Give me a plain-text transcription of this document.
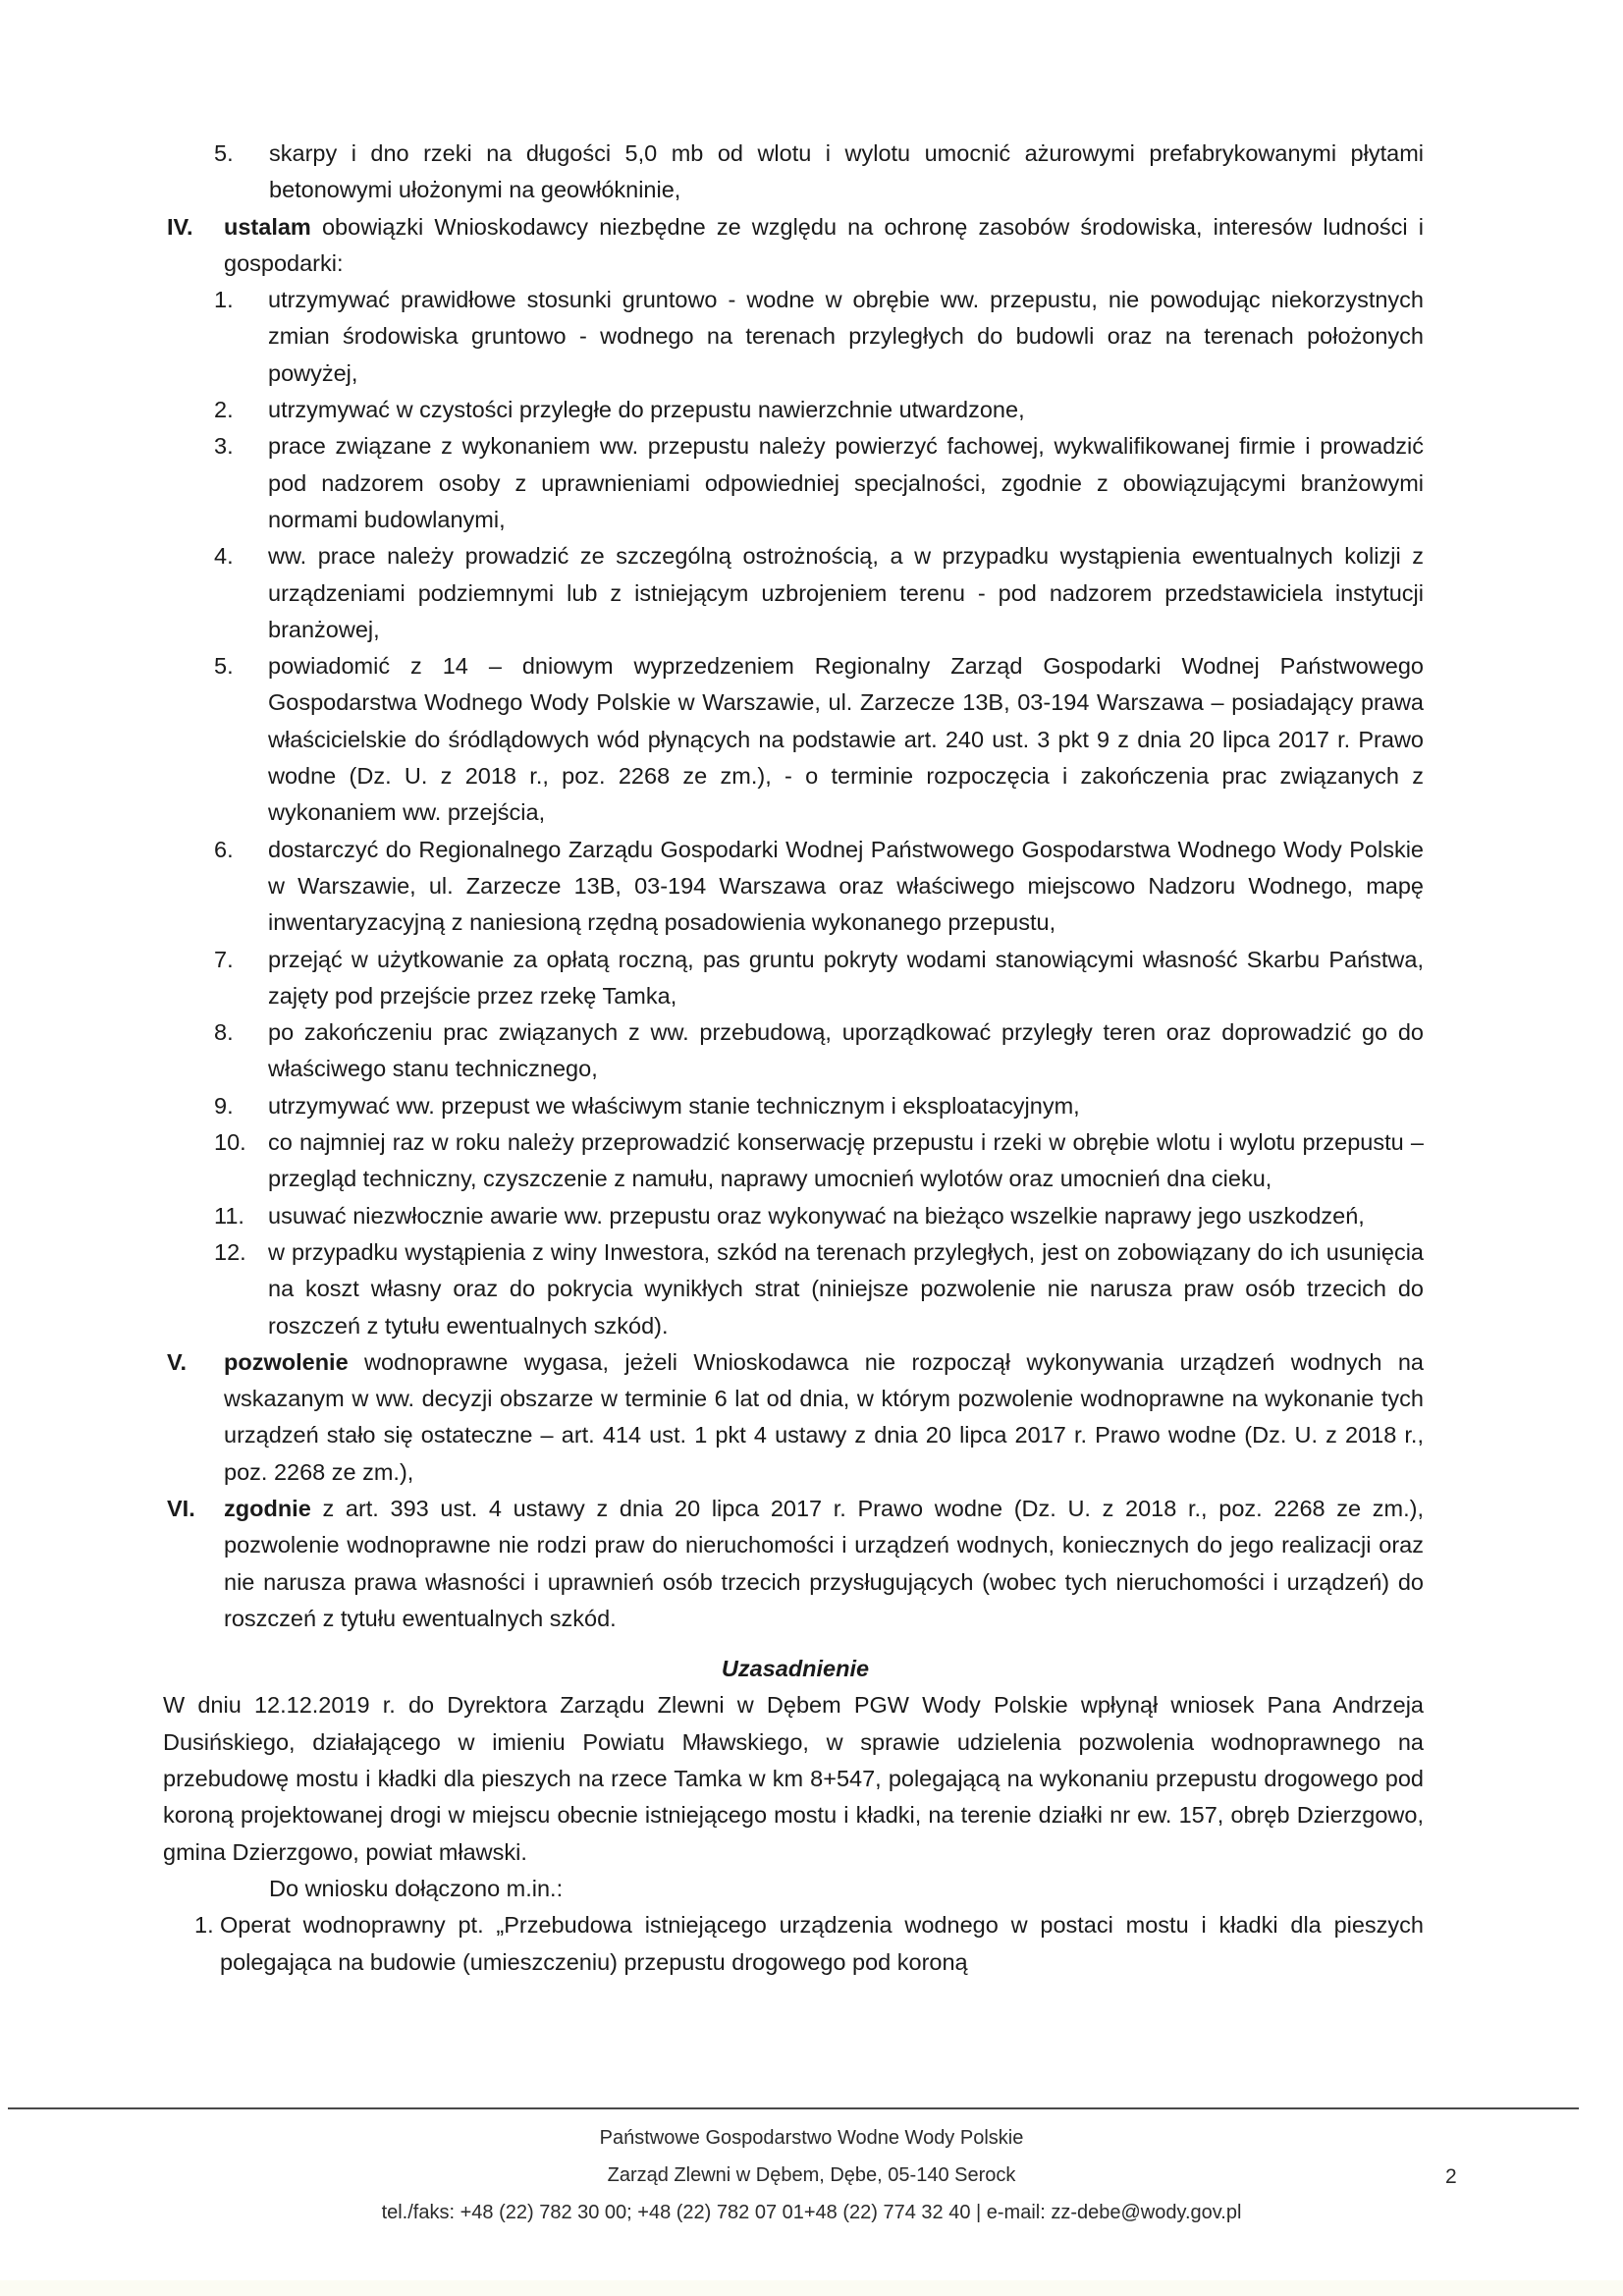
5.	skarpy i dno rzeki na długości 5,0 mb od wlotu i wylotu umocnić ażurowymi prefabrykowanymi płytami betonowymi ułożonymi na geowłókninie,
IV.	ustalam obowiązki Wnioskodawcy niezbędne ze względu na ochronę zasobów środowiska, interesów ludności i gospodarki:
1.	utrzymywać prawidłowe stosunki gruntowo - wodne w obrębie ww. przepustu, nie powodując niekorzystnych zmian środowiska gruntowo - wodnego na terenach przyległych do budowli oraz na terenach położonych powyżej,
2.	utrzymywać w czystości przyległe do przepustu nawierzchnie utwardzone,
3.	prace związane z wykonaniem ww. przepustu należy powierzyć fachowej, wykwalifikowanej firmie i prowadzić pod nadzorem osoby z uprawnieniami odpowiedniej specjalności, zgodnie z obowiązującymi branżowymi normami budowlanymi,
4.	ww. prace należy prowadzić ze szczególną ostrożnością, a w przypadku wystąpienia ewentualnych kolizji z urządzeniami podziemnymi lub z istniejącym uzbrojeniem terenu - pod nadzorem przedstawiciela instytucji branżowej,
5.	powiadomić z 14 – dniowym wyprzedzeniem Regionalny Zarząd Gospodarki Wodnej Państwowego Gospodarstwa Wodnego Wody Polskie w Warszawie, ul. Zarzecze 13B, 03-194 Warszawa – posiadający prawa właścicielskie do śródlądowych wód płynących na podstawie art. 240 ust. 3 pkt 9 z dnia 20 lipca 2017 r. Prawo wodne (Dz. U. z 2018 r., poz. 2268 ze zm.), - o terminie rozpoczęcia i zakończenia prac związanych z wykonaniem ww. przejścia,
6.	dostarczyć do Regionalnego Zarządu Gospodarki Wodnej Państwowego Gospodarstwa Wodnego Wody Polskie w Warszawie, ul. Zarzecze 13B, 03-194 Warszawa oraz właściwego miejscowo Nadzoru Wodnego, mapę inwentaryzacyjną z naniesioną rzędną posadowienia wykonanego przepustu,
7.	przejąć w użytkowanie za opłatą roczną, pas gruntu pokryty wodami stanowiącymi własność Skarbu Państwa, zajęty pod przejście przez rzekę Tamka,
8.	po zakończeniu prac związanych z ww. przebudową, uporządkować przyległy teren oraz doprowadzić go do właściwego stanu technicznego,
9.	utrzymywać ww. przepust we właściwym stanie technicznym i eksploatacyjnym,
10. co najmniej raz w roku należy przeprowadzić konserwację przepustu i rzeki w obrębie wlotu i wylotu przepustu – przegląd techniczny, czyszczenie z namułu, naprawy umocnień wylotów oraz umocnień dna cieku,
11.	usuwać niezwłocznie awarie ww. przepustu oraz wykonywać na bieżąco wszelkie naprawy jego uszkodzeń,
12. w przypadku wystąpienia z winy Inwestora, szkód na terenach przyległych, jest on zobowiązany do ich usunięcia na koszt własny oraz do pokrycia wynikłych strat (niniejsze pozwolenie nie narusza praw osób trzecich do roszczeń z tytułu ewentualnych szkód).
V.	pozwolenie wodnoprawne wygasa, jeżeli Wnioskodawca nie rozpoczął wykonywania urządzeń wodnych na wskazanym w ww. decyzji obszarze w terminie 6 lat od dnia, w którym pozwolenie wodnoprawne na wykonanie tych urządzeń stało się ostateczne – art. 414 ust. 1 pkt 4 ustawy z dnia 20 lipca 2017 r. Prawo wodne (Dz. U. z 2018 r., poz. 2268 ze zm.),
VI.	zgodnie z art. 393 ust. 4 ustawy z dnia 20 lipca 2017 r. Prawo wodne (Dz. U. z 2018 r., poz. 2268 ze zm.), pozwolenie wodnoprawne nie rodzi praw do nieruchomości i urządzeń wodnych, koniecznych do jego realizacji oraz nie narusza prawa własności i uprawnień osób trzecich przysługujących (wobec tych nieruchomości i urządzeń) do roszczeń z tytułu ewentualnych szkód.
Uzasadnienie
W dniu 12.12.2019 r. do Dyrektora Zarządu Zlewni w Dębem PGW Wody Polskie wpłynął wniosek Pana Andrzeja Dusińskiego, działającego w imieniu Powiatu Mławskiego, w sprawie udzielenia pozwolenia wodnoprawnego na przebudowę mostu i kładki dla pieszych na rzece Tamka w km 8+547, polegającą na wykonaniu przepustu drogowego pod koroną projektowanej drogi w miejscu obecnie istniejącego mostu i kładki, na terenie działki nr ew. 157, obręb Dzierzgowo, gmina Dzierzgowo, powiat mławski.
Do wniosku dołączono m.in.:
1. Operat wodnoprawny pt. „Przebudowa istniejącego urządzenia wodnego w postaci mostu i kładki dla pieszych polegająca na budowie (umieszczeniu) przepustu drogowego pod koroną
Państwowe Gospodarstwo Wodne Wody Polskie
Zarząd Zlewni w Dębem, Dębe, 05-140 Serock
tel./faks: +48 (22) 782 30 00; +48 (22) 782 07 01+48 (22) 774 32 40 | e-mail: zz-debe@wody.gov.pl
2
